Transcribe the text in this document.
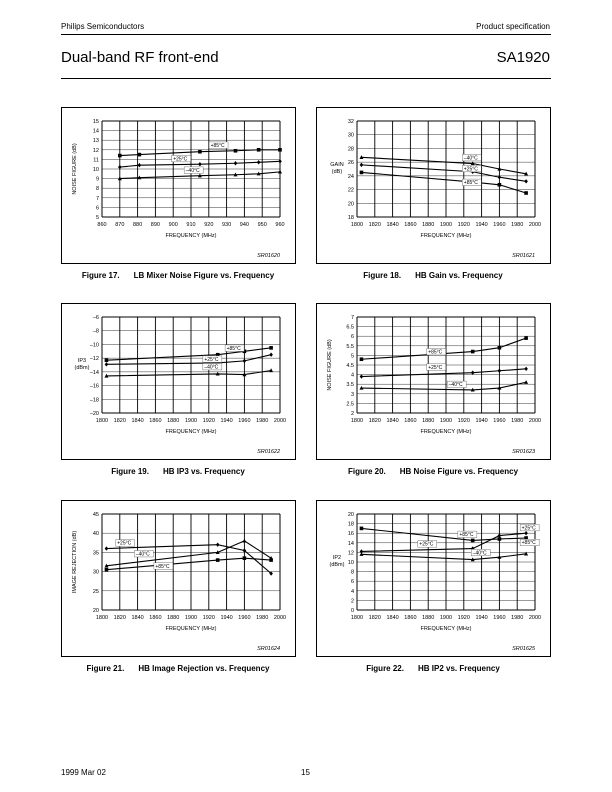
Philips Semiconductors	Product specification
Dual-band RF front-end	SA1920
860 870 880 890 900 910 920 930 940 950 960
5
6
7
8
9
10
11
12
13
14
15
FREQUENCY (MHz)
NOISE FIGURE (dB)	+85°C
+25°C
–40°C
SR01620
1800 1820 1840 1860 1880 1900 1920 1940 1960 1980 2000
18
20
22
24
26
28
30
32
FREQUENCY (MHz)
GAIN
(dB)
–40°C
+25°C
+85°C
SR01621
1800 1820 1840 1860 1880 1900 1920 1940 1960 1980 2000
–20
–18
–16
–14
–12
–10
–8
–6
FREQUENCY (MHz)
IP3
(dBm)
+85°C
+25°C
–40°C
SR01622
1800 1820 1840 1860 1880 1900 1920 1940 1960 1980 2000
2
2.5
3
3.5
4
4.5
5
5.5
6
6.5
7
FREQUENCY (MHz)
NOISE FIGURE (dB)	+85°C
+25°C
–40°C
SR01623
1800 1820 1840 1860 1880 1900 1920 1940 1960 1980 2000
20
25
30
35
40
45
FREQUENCY (MHz)
IMAGE REJECTION (dB)	+25°C
–40°C
+85°C
SR01624
1800 1820 1840 1860 1880 1900 1920 1940 1960 1980 2000
0
2
4
6
8
10
12
14
16
18
20
FREQUENCY (MHz)
IP2
(dBm)
+85°C
+25°C
–40°C
+25°C
+85°C
SR01625
Figure 17. LB Mixer Noise Figure vs. Frequency	Figure 18. HB Gain vs. Frequency
Figure 19. HB IP3 vs. Frequency	Figure 20. HB Noise Figure vs. Frequency
Figure 21. HB Image Rejection vs. Frequency	Figure 22. HB IP2 vs. Frequency
1999 Mar 02	15
